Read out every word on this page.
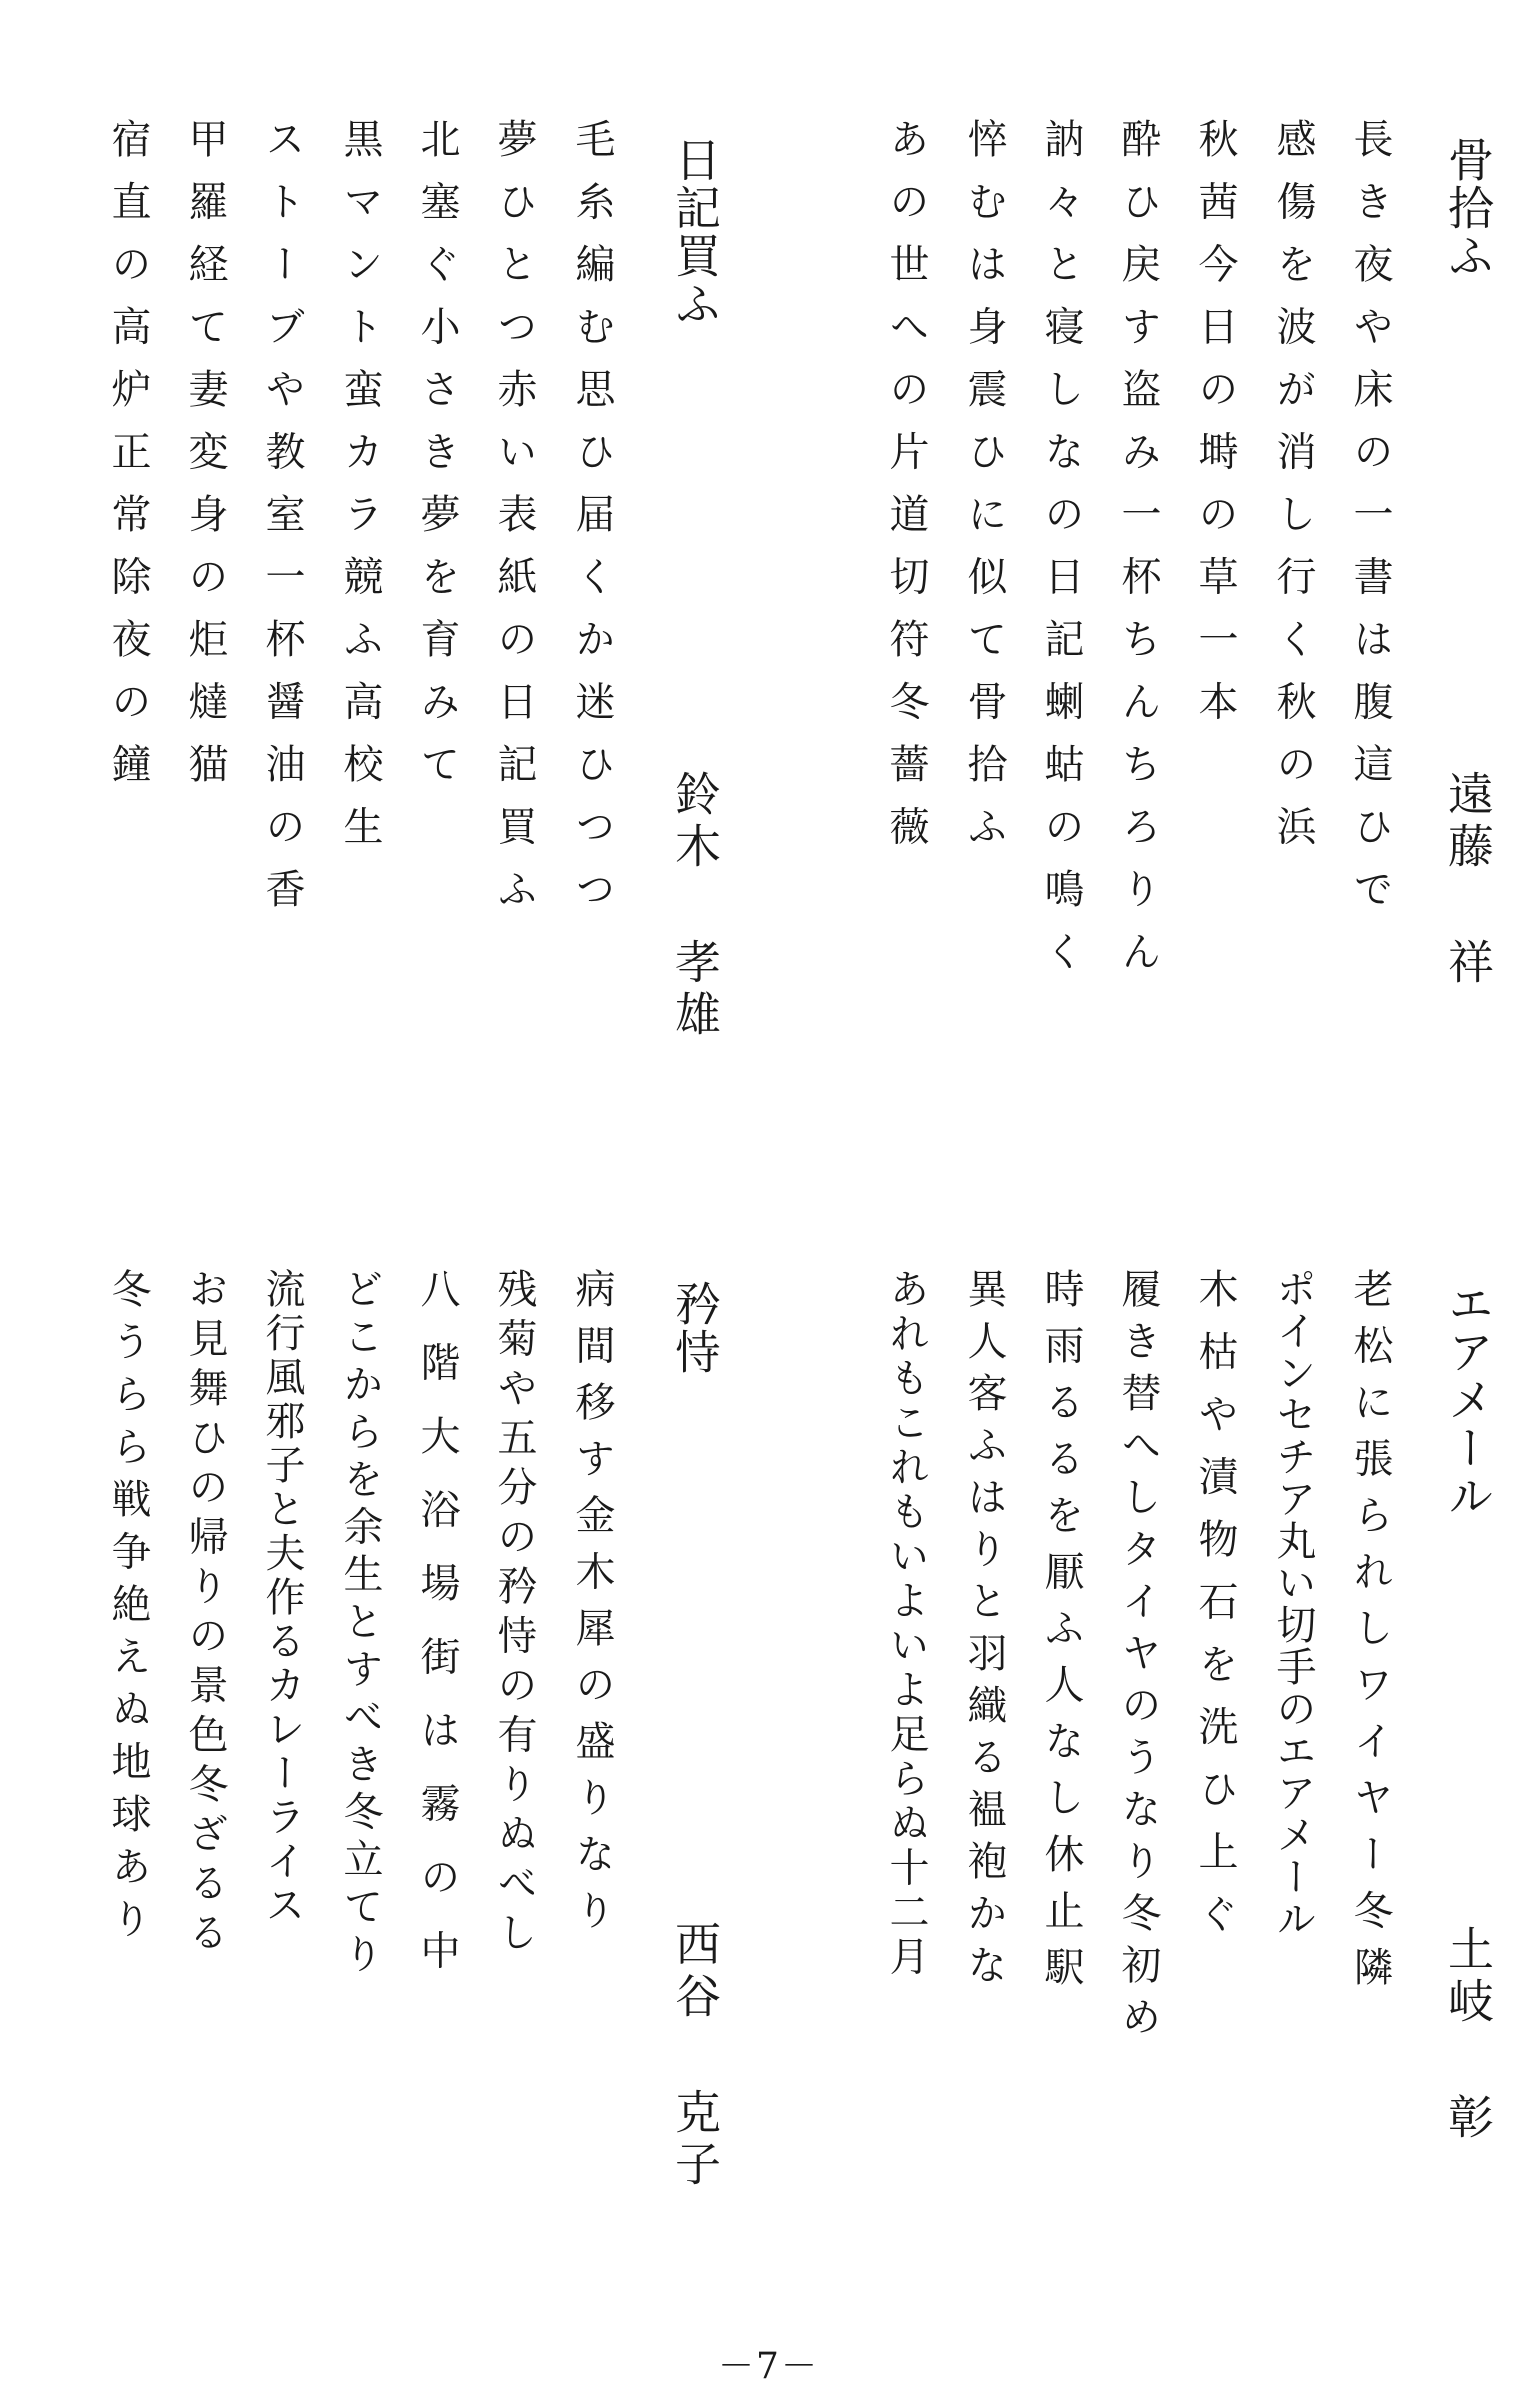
骨拾ふ
遠藤祥
長き夜や床の一書は腹這ひで
感傷を波が消し行く秋の浜
秋茜今日の塒の草一本
酔ひ戻す盗み一杯ちんちろりん
訥々と寝しなの日記蝲蛄の鳴く
悴むは身震ひに似て骨拾ふ
あの世への片道切符冬薔薇
日記買ふ
鈴木孝雄
毛糸編む思ひ届くか迷ひつつ
夢ひとつ赤い表紙の日記買ふ
北塞ぐ小さき夢を育みて
黒マント蛮カラ競ふ高校生
ストーブや教室一杯醤油の香
甲羅経て妻変身の炬燵猫
宿直の高炉正常除夜の鐘
エアメール
土岐彰
老松に張られしワイヤー冬隣
ポインセチア丸い切手のエアメール
木枯や漬物石を洗ひ上ぐ
履き替へしタイヤのうなり冬初め
時雨るるを厭ふ人なし休止駅
異人客ふはりと羽織る褞袍かな
あれもこれもいよいよ足らぬ十二月
矜恃
西谷克子
病間移す金木犀の盛りなり
残菊や五分の矜恃の有りぬべし
八階大浴場街は霧の中
どこからを余生とすべき冬立てり
流行風邪子と夫作るカレーライス
お見舞ひの帰りの景色冬ざるる
冬うらら戦争絶えぬ地球あり
－7－
